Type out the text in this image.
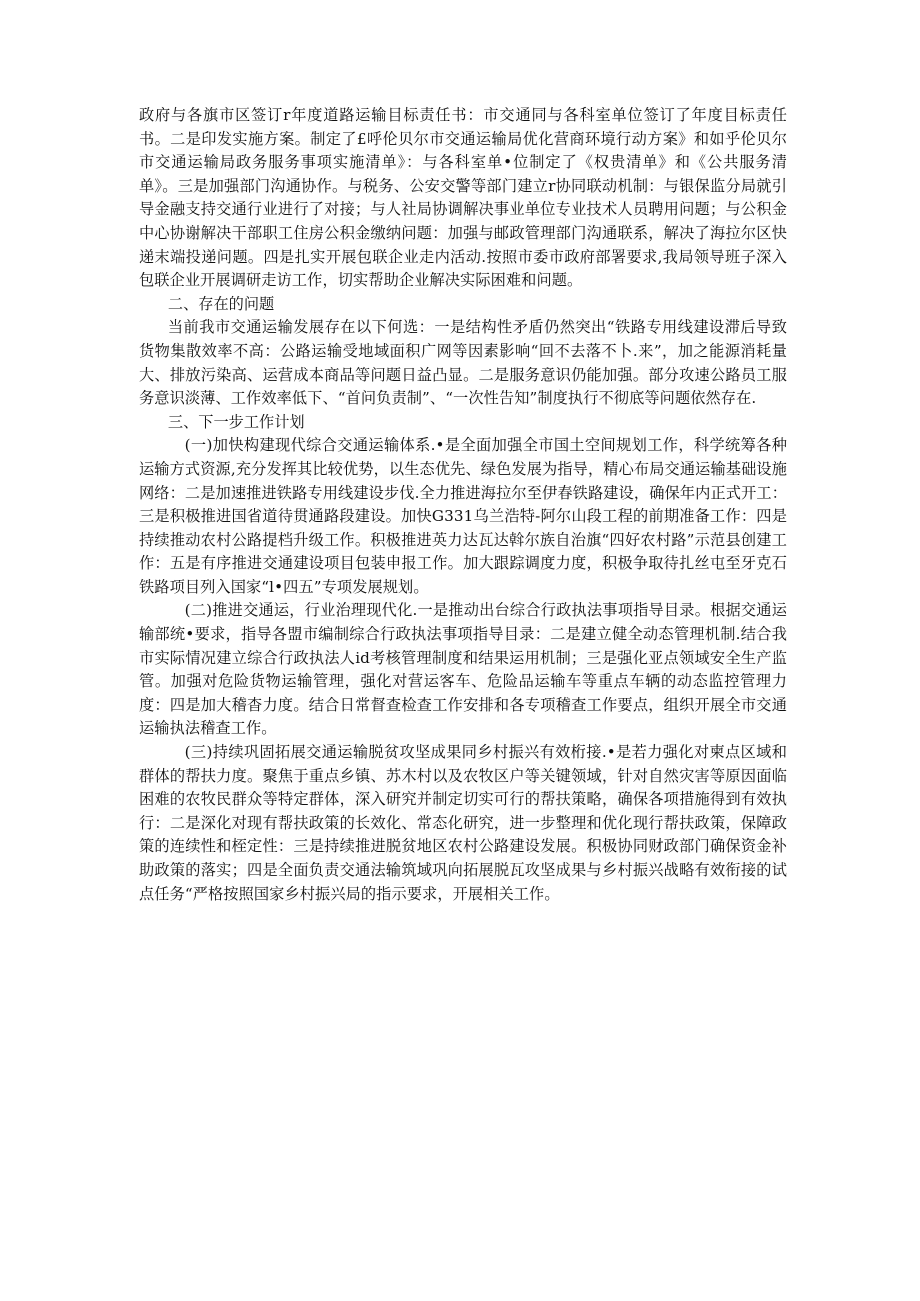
政府与各旗市区签订r年度道路运输目标责任书：市交通同与各科室单位签订了年度目标责任书。二是印发实施方案。制定了£呼伦贝尔市交通运输局优化营商环境行动方案》和如乎伦贝尔市交通运输局政务服务事项实施清单》：与各科室单•位制定了《权贵清单》和《公共服务清单》。三是加强部门沟通协作。与税务、公安交警等部门建立r协同联动机制：与银保监分局就引导金融支持交通行业进行了对接；与人社局协调解决事业单位专业技术人员聘用问题；与公积金中心协谢解决干部职工住房公积金缴纳问题：加强与邮政管理部门沟通联系，解决了海拉尔区快递末端投递问题。四是扎实开展包联企业走内活动.按照市委市政府部署要求,我局领导班子深入包联企业开展调研走访工作，切实帮助企业解决实际困难和问题。

二、存在的问题

当前我市交通运输发展存在以下何选：一是结构性矛盾仍然突出“铁路专用线建设滞后导致货物集散效率不高：公路运输受地域面积广网等因素影响“回不去落不卜.来”，加之能源消耗量大、排放污染高、运营成本商品等问题日益凸显。二是服务意识仍能加强。部分攻速公路员工服务意识淡薄、工作效率低下、“首问负责制”、“一次性告知”制度执行不彻底等问题依然存在.

三、下一步工作计划

(一)加快构建现代综合交通运输体系.•是全面加强全市国土空间规划工作，科学统筹各种运输方式资源,充分发挥其比较优势，以生态优先、绿色发展为指导，精心布局交通运输基础设施网络：二是加速推进铁路专用线建设步伐.全力推进海拉尔至伊春铁路建设，确保年内正式开工：三是积极推进国省道待贯通路段建设。加快G331乌兰浩特-阿尔山段工程的前期准备工作：四是持续推动农村公路提档升级工作。积极推进英力达瓦达斡尔族自治旗“四好农村路”示范县创建工作：五是有序推进交通建设项目包装申报工作。加大跟踪调度力度，积极争取待扎丝屯至牙克石铁路项目列入国家“l•四五”专项发展规划。

(二)推进交通运，行业治理现代化.一是推动出台综合行政执法事项指导目录。根据交通运输部统•要求，指导各盟市编制综合行政执法事项指导目录：二是建立健全动态管理机制.结合我市实际情况建立综合行政执法人id考核管理制度和结果运用机制；三是强化亚点领域安全生产监管。加强对危险货物运输管理，强化对营运客车、危险品运输车等重点车辆的动态监控管理力度：四是加大稽杳力度。结合日常督查检查工作安排和各专项稽查工作要点，组织开展全市交通运输执法稽查工作。

(三)持续巩固拓展交通运输脱贫攻坚成果同乡村振兴有效桁接.•是若力强化对柬点区域和群体的帮扶力度。聚焦于重点乡镇、苏木村以及农牧区户等关键领域，针对自然灾害等原因面临困难的农牧民群众等特定群体，深入研究并制定切实可行的帮扶策略，确保各项措施得到有效执行：二是深化对现有帮扶政策的长效化、常态化研究，进一步整理和优化现行帮扶政策，保障政策的连续性和桎定性：三是持续推进脱贫地区农村公路建设发展。积极协同财政部门确保资金补助政策的落实；四是全面负责交通法输筑域巩向拓展脱瓦攻坚成果与乡村振兴战略有效衔接的试点任务“严格按照国家乡村振兴局的指示要求，开展相关工作。
